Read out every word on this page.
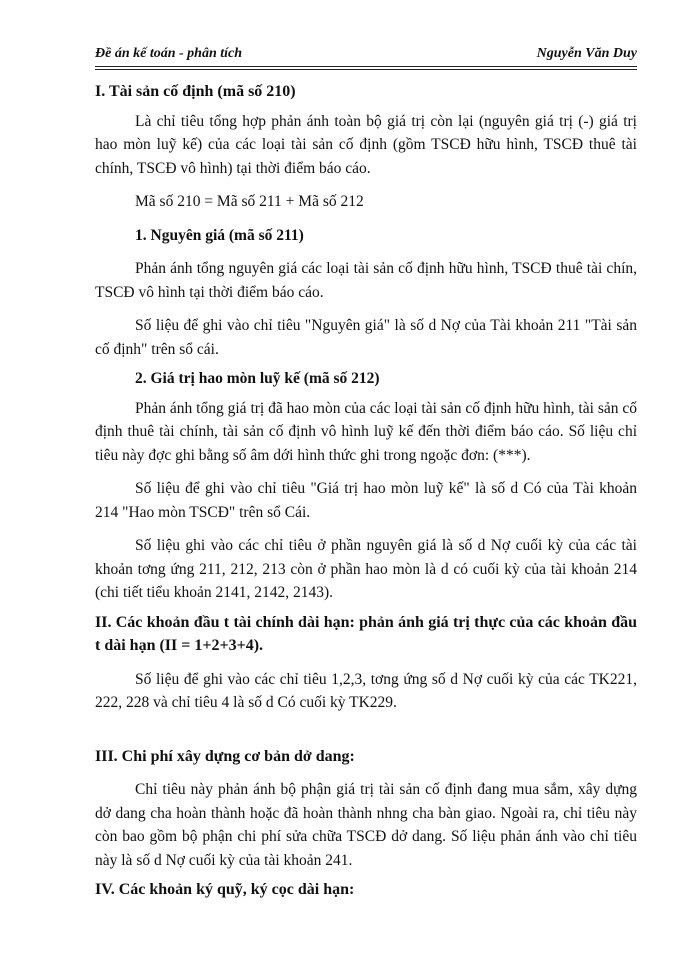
Đề án kế toán - phân tích	Nguyễn Văn Duy

I. Tài sản cố định (mã số 210)

Là chỉ tiêu tổng hợp phản ánh toàn bộ giá trị còn lại (nguyên giá trị (-) giá trị hao mòn luỹ kế) của các loại tài sản cố định (gồm TSCĐ hữu hình, TSCĐ thuê tài chính, TSCĐ vô hình) tại thời điểm báo cáo.

Mã số 210 = Mã số 211 + Mã số 212

1. Nguyên giá (mã số 211)

Phản ánh tổng nguyên giá các loại tài sản cố định hữu hình, TSCĐ thuê tài chín, TSCĐ vô hình tại thời điểm báo cáo.

Số liệu để ghi vào chỉ tiêu "Nguyên giá" là số d Nợ của Tài khoản 211 "Tài sản cố định" trên sổ cái.

2. Giá trị hao mòn luỹ kế (mã số 212)

Phản ánh tổng giá trị đã hao mòn của các loại tài sản cố định hữu hình, tài sản cố định thuê tài chính, tài sản cố định vô hình luỹ kế đến thời điểm báo cáo. Số liệu chỉ tiêu này đợc ghi bằng số âm dới hình thức ghi trong ngoặc đơn: (***).

Số liệu để ghi vào chỉ tiêu "Giá trị hao mòn luỹ kế" là số d Có của Tài khoản 214 "Hao mòn TSCĐ" trên sổ Cái.

Số liệu ghi vào các chỉ tiêu ở phần nguyên giá là số d Nợ cuối kỳ của các tài khoản tơng ứng 211, 212, 213 còn ở phần hao mòn là d có cuối kỳ của tài khoản 214 (chi tiết tiểu khoản 2141, 2142, 2143).

II. Các khoản đầu t tài chính dài hạn: phản ánh giá trị thực của các khoản đầu t dài hạn (II = 1+2+3+4).

Số liệu để ghi vào các chỉ tiêu 1,2,3, tơng ứng số d Nợ cuối kỳ của các TK221, 222, 228 và chỉ tiêu 4 là số d Có cuối kỳ TK229.

III. Chi phí xây dựng cơ bản dở dang:

Chỉ tiêu này phản ánh bộ phận giá trị tài sản cố định đang mua sắm, xây dựng dở dang cha hoàn thành hoặc đã hoàn thành nhng cha bàn giao. Ngoài ra, chỉ tiêu này còn bao gồm bộ phận chi phí sửa chữa TSCĐ dở dang. Số liệu phản ánh vào chỉ tiêu này là số d Nợ cuối kỳ của tài khoản 241.

IV. Các khoản ký quỹ, ký cọc dài hạn:
